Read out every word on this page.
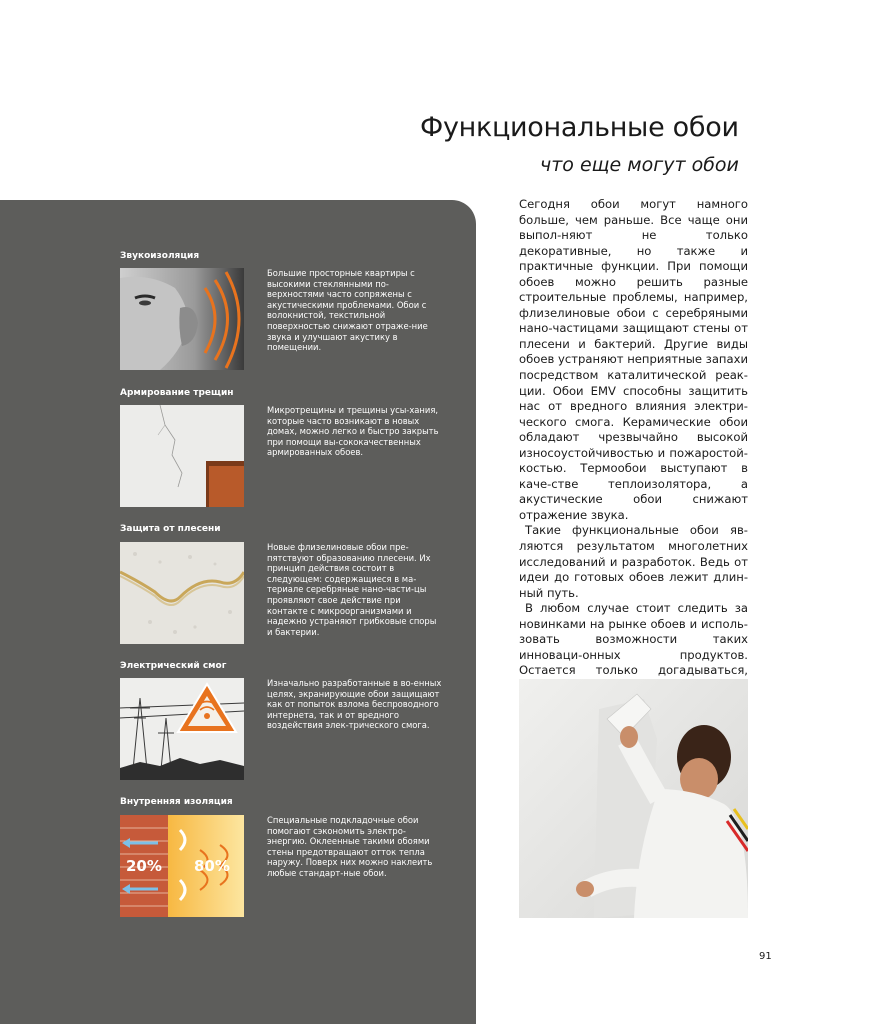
Функциональные обои
что еще могут обои
Звукоизоляция
Большие просторные квартиры с высокими стеклянными по-верхностями часто сопряжены с акустическими проблемами. Обои с волокнистой, текстильной поверхностью снижают отраже-ние звука и улучшают акустику в помещении.
Армирование трещин
Микротрещины и трещины усы-хания, которые часто возникают в новых домах, можно легко и быстро закрыть при помощи вы-сококачественных армированных обоев.
Защита от плесени
Новые флизелиновые обои пре-пятствуют образованию плесени. Их принцип действия состоит в следующем: содержащиеся в ма-териале серебряные нано-части-цы проявляют свое действие при контакте с микроорганизмами и надежно устраняют грибковые споры и бактерии.
Электрический смог
Изначально разработанные в во-енных целях, экранирующие обои защищают как от попыток взлома беспроводного интернета, так и от вредного воздействия элек-трического смога.
Внутренняя изоляция
20% 80%
Специальные подкладочные обои помогают сэкономить электро-энергию. Оклеенные такими обоями стены предотвращают отток тепла наружу. Поверх них можно наклеить любые стандарт-ные обои.

Сегодня обои могут намного больше, чем раньше. Все чаще они выпол-няют не только декоративные, но также и практичные функции. При помощи обоев можно решить разные строительные проблемы, например, флизелиновые обои с серебряными нано-частицами защищают стены от плесени и бактерий. Другие виды обоев устраняют неприятные запахи посредством каталитической реак-ции. Обои EMV способны защитить нас от вредного влияния электри-ческого смога. Керамические обои обладают чрезвычайно высокой износоустойчивостью и пожаростой-костью. Термообои выступают в каче-стве теплоизолятора, а акустические обои снижают отражение звука.

Такие функциональные обои яв-ляются результатом многолетних исследований и разработок. Ведь от идеи до готовых обоев лежит длин-ный путь.

В любом случае стоит следить за новинками на рынке обоев и исполь-зовать возможности таких инноваци-онных продуктов. Остается только догадываться,

91
